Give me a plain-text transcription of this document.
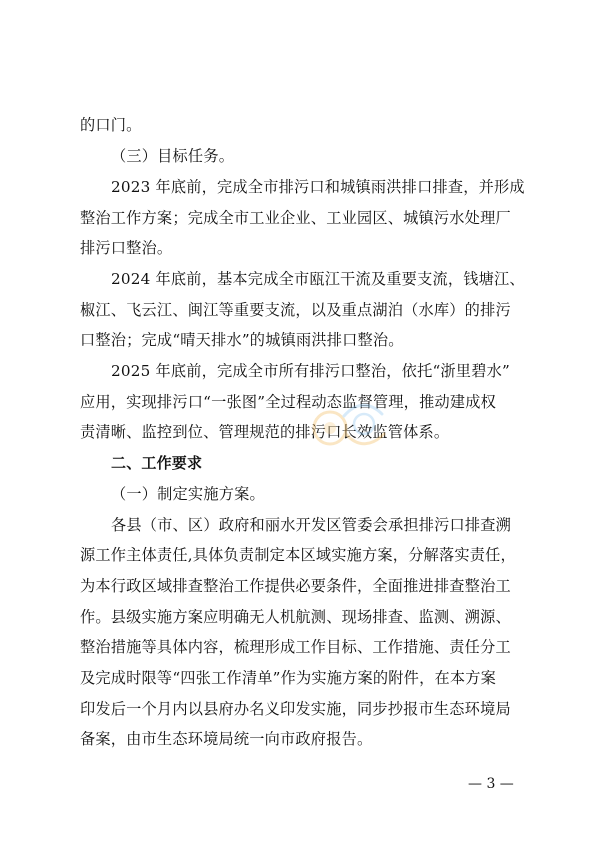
的口门。
（三）目标任务。
2023 年底前，完成全市排污口和城镇雨洪排口排查，并形成
整治工作方案；完成全市工业企业、工业园区、城镇污水处理厂
排污口整治。
2024 年底前，基本完成全市瓯江干流及重要支流，钱塘江、
椒江、飞云江、闽江等重要支流，以及重点湖泊（水库）的排污
口整治；完成“晴天排水”的城镇雨洪排口整治。
2025 年底前，完成全市所有排污口整治，依托“浙里碧水”
应用，实现排污口“一张图”全过程动态监督管理，推动建成权
责清晰、监控到位、管理规范的排污口长效监管体系。
二、工作要求
（一）制定实施方案。
各县（市、区）政府和丽水开发区管委会承担排污口排查溯
源工作主体责任,具体负责制定本区域实施方案，分解落实责任，
为本行政区域排查整治工作提供必要条件，全面推进排查整治工
作。县级实施方案应明确无人机航测、现场排查、监测、溯源、
整治措施等具体内容，梳理形成工作目标、工作措施、责任分工
及完成时限等“四张工作清单”作为实施方案的附件，在本方案
印发后一个月内以县府办名义印发实施，同步抄报市生态环境局
备案，由市生态环境局统一向市政府报告。
— 3 —
